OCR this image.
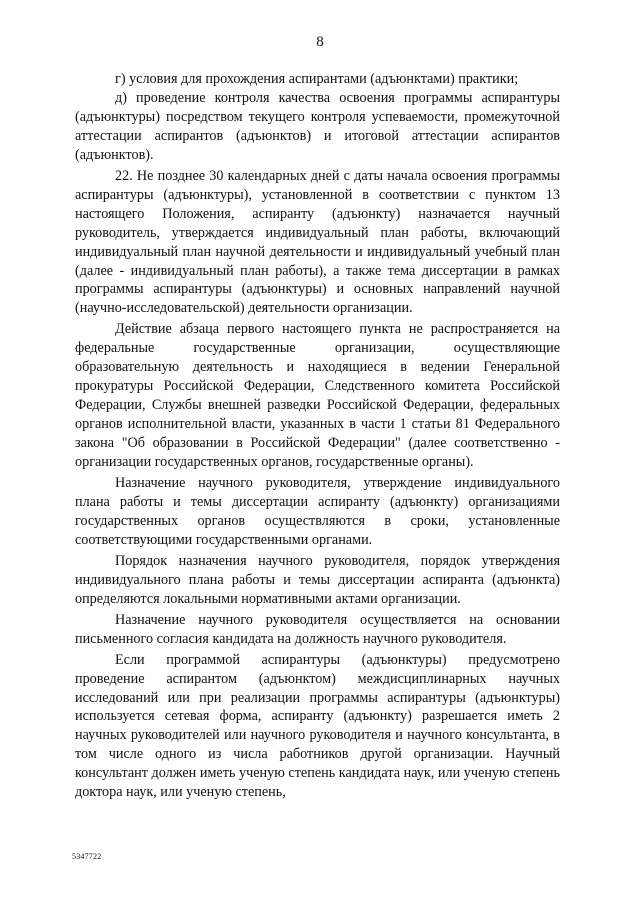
8

г) условия для прохождения аспирантами (адъюнктами) практики;

д) проведение контроля качества освоения программы аспирантуры (адъюнктуры) посредством текущего контроля успеваемости, промежуточной аттестации аспирантов (адъюнктов) и итоговой аттестации аспирантов (адъюнктов).

22. Не позднее 30 календарных дней с даты начала освоения программы аспирантуры (адъюнктуры), установленной в соответствии с пунктом 13 настоящего Положения, аспиранту (адъюнкту) назначается научный руководитель, утверждается индивидуальный план работы, включающий индивидуальный план научной деятельности и индивидуальный учебный план (далее - индивидуальный план работы), а также тема диссертации в рамках программы аспирантуры (адъюнктуры) и основных направлений научной (научно-исследовательской) деятельности организации.

Действие абзаца первого настоящего пункта не распространяется на федеральные государственные организации, осуществляющие образовательную деятельность и находящиеся в ведении Генеральной прокуратуры Российской Федерации, Следственного комитета Российской Федерации, Службы внешней разведки Российской Федерации, федеральных органов исполнительной власти, указанных в части 1 статьи 81 Федерального закона "Об образовании в Российской Федерации" (далее соответственно - организации государственных органов, государственные органы).

Назначение научного руководителя, утверждение индивидуального плана работы и темы диссертации аспиранту (адъюнкту) организациями государственных органов осуществляются в сроки, установленные соответствующими государственными органами.

Порядок назначения научного руководителя, порядок утверждения индивидуального плана работы и темы диссертации аспиранта (адъюнкта) определяются локальными нормативными актами организации.

Назначение научного руководителя осуществляется на основании письменного согласия кандидата на должность научного руководителя.

Если программой аспирантуры (адъюнктуры) предусмотрено проведение аспирантом (адъюнктом) междисциплинарных научных исследований или при реализации программы аспирантуры (адъюнктуры) используется сетевая форма, аспиранту (адъюнкту) разрешается иметь 2 научных руководителей или научного руководителя и научного консультанта, в том числе одного из числа работников другой организации. Научный консультант должен иметь ученую степень кандидата наук, или ученую степень доктора наук, или ученую степень,

5347722
